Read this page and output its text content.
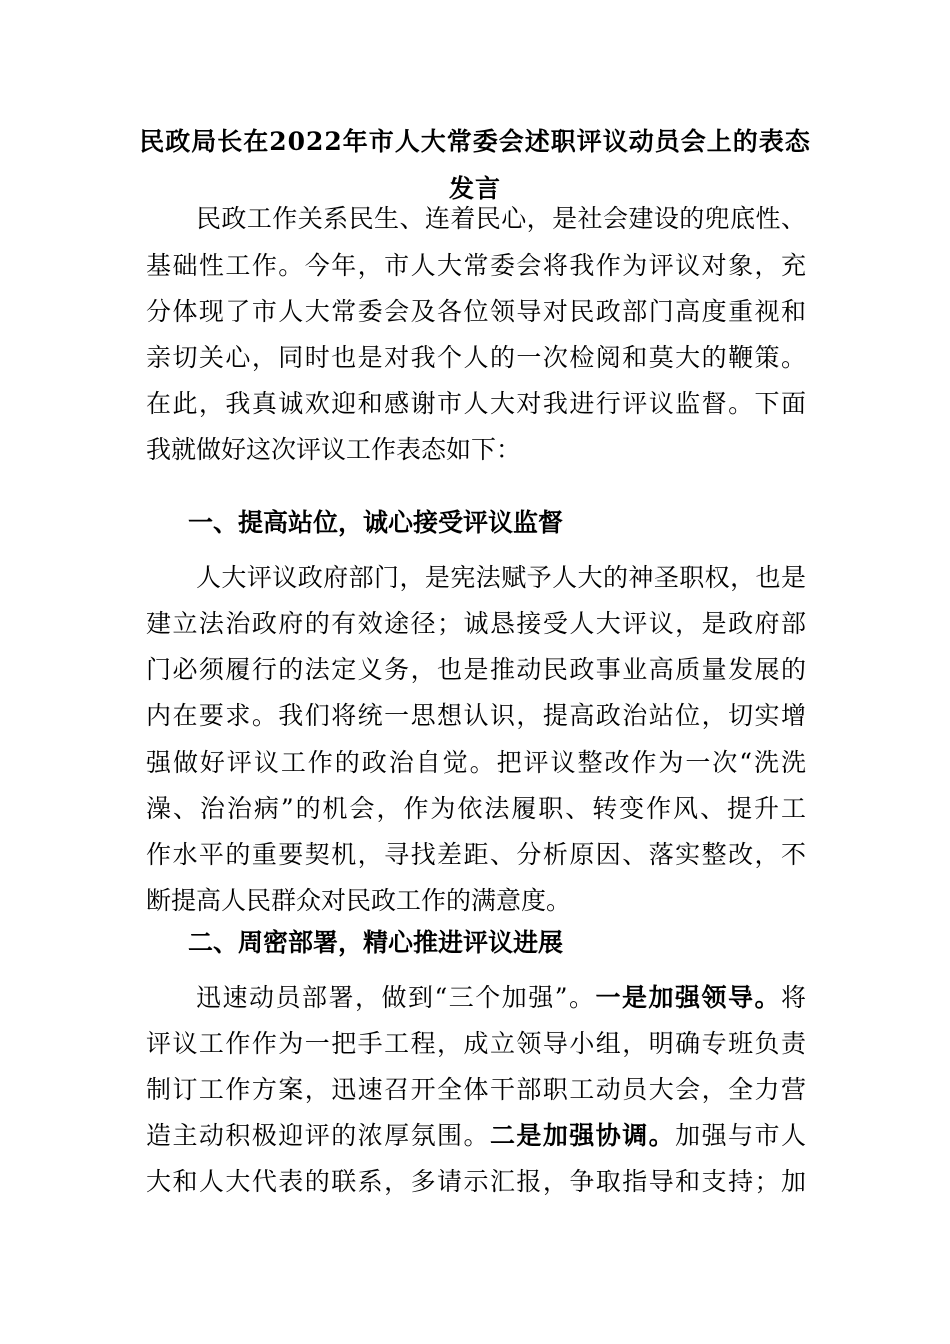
民政局长在2022年市人大常委会述职评议动员会上的表态
发言
民政工作关系民生、连着民心，是社会建设的兜底性、
基础性工作。今年，市人大常委会将我作为评议对象，充
分体现了市人大常委会及各位领导对民政部门高度重视和
亲切关心，同时也是对我个人的一次检阅和莫大的鞭策。
在此，我真诚欢迎和感谢市人大对我进行评议监督。下面
我就做好这次评议工作表态如下：
一、提高站位，诚心接受评议监督
人大评议政府部门，是宪法赋予人大的神圣职权，也是
建立法治政府的有效途径；诚恳接受人大评议，是政府部
门必须履行的法定义务，也是推动民政事业高质量发展的
内在要求。我们将统一思想认识，提高政治站位，切实增
强做好评议工作的政治自觉。把评议整改作为一次“洗洗
澡、治治病”的机会，作为依法履职、转变作风、提升工
作水平的重要契机，寻找差距、分析原因、落实整改，不
断提高人民群众对民政工作的满意度。
二、周密部署，精心推进评议进展
迅速动员部署，做到“三个加强”。一是加强领导。将
评议工作作为一把手工程，成立领导小组，明确专班负责
制订工作方案，迅速召开全体干部职工动员大会，全力营
造主动积极迎评的浓厚氛围。二是加强协调。加强与市人
大和人大代表的联系，多请示汇报，争取指导和支持；加
